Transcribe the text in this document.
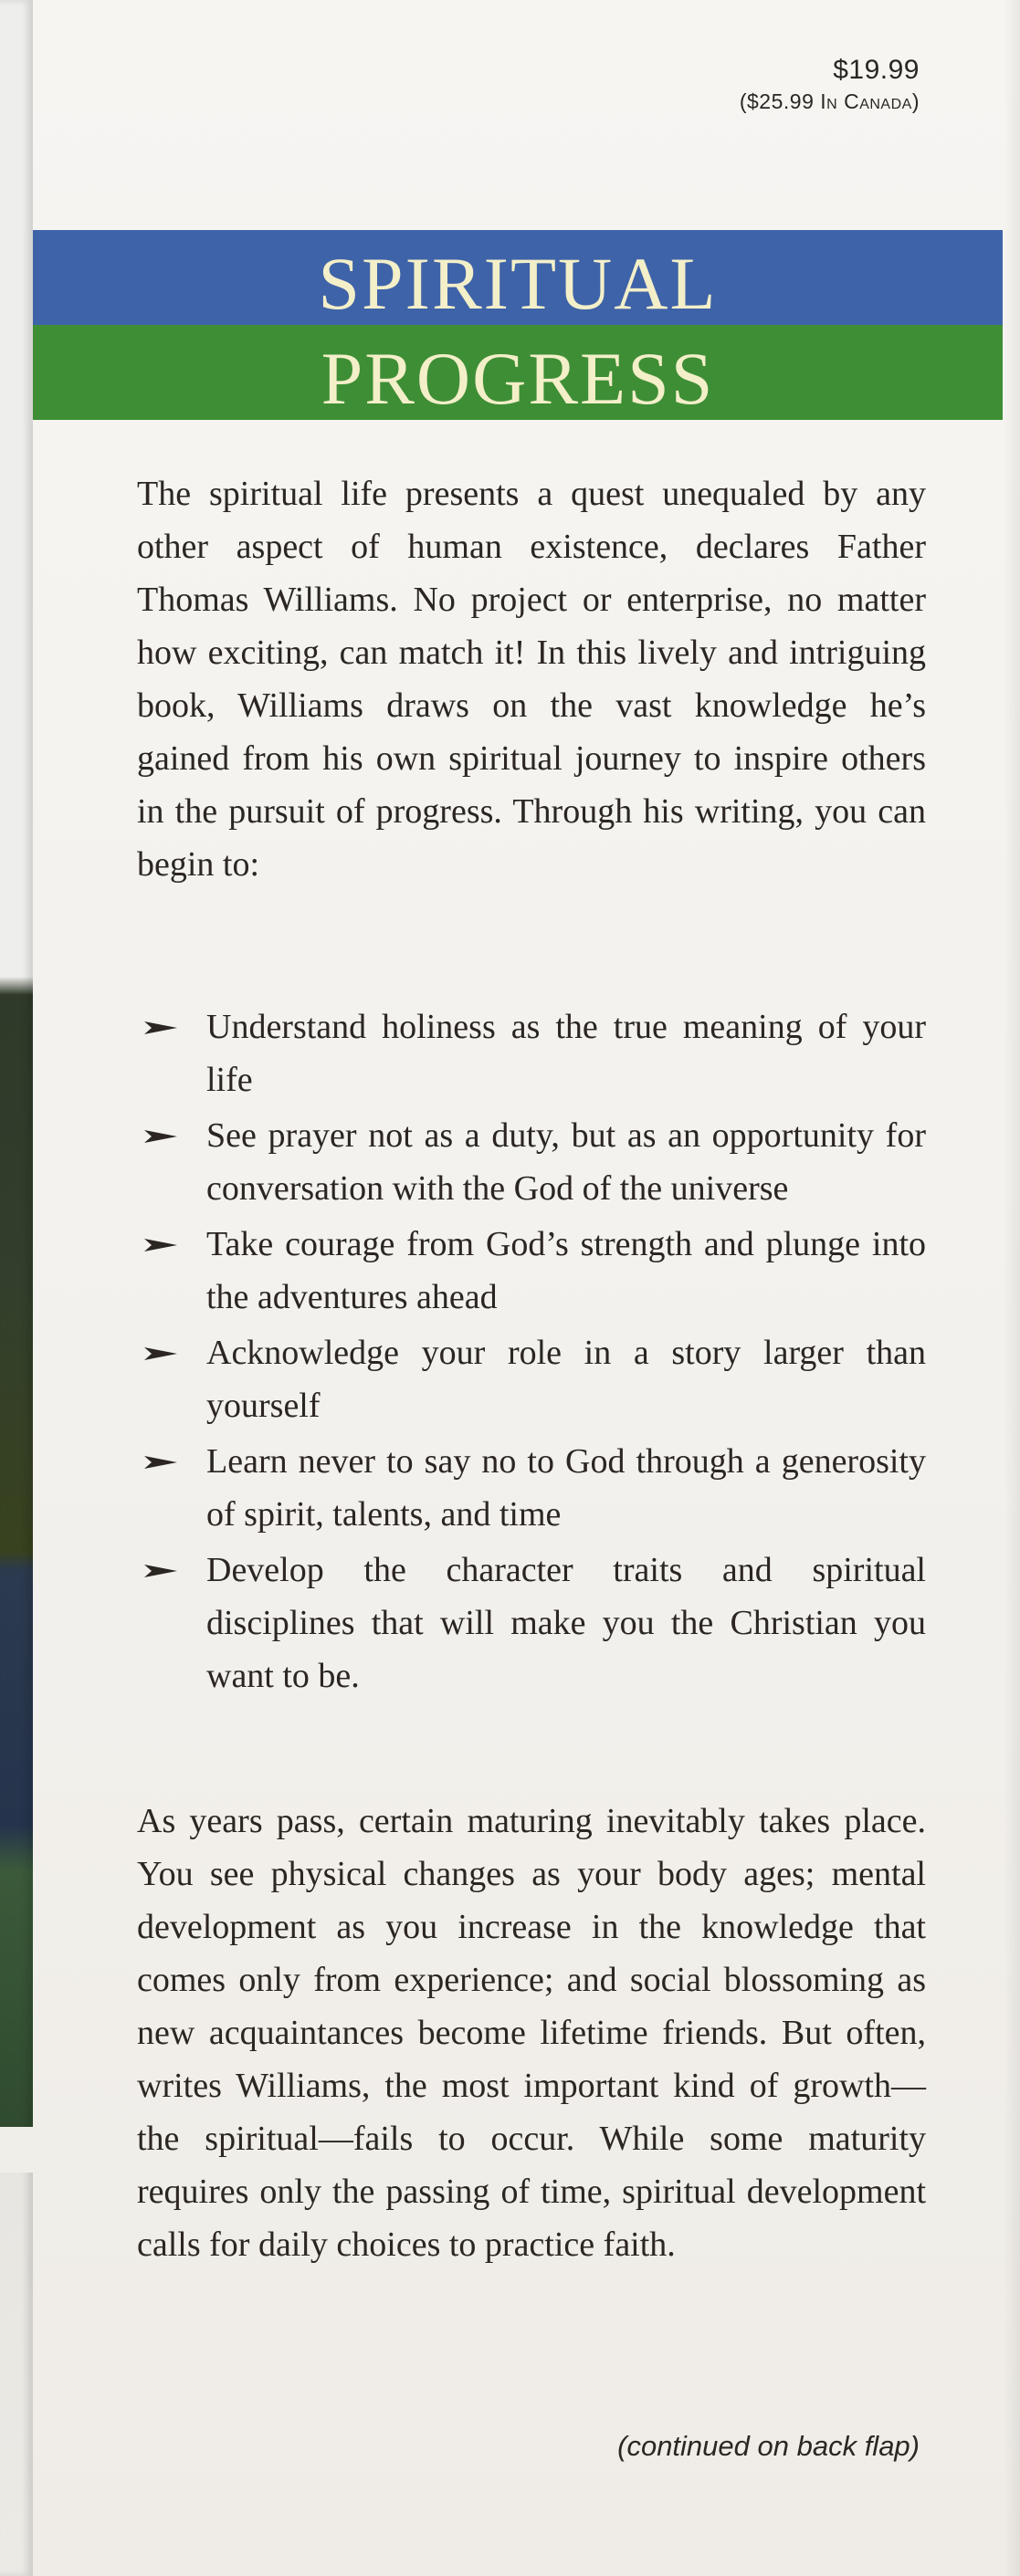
$19.99
($25.99 In Canada)
SPIRITUAL
PROGRESS
The spiritual life presents a quest unequaled by any other aspect of human existence, declares Father Thomas Williams. No project or enterprise, no matter how exciting, can match it! In this lively and intriguing book, Williams draws on the vast knowledge he’s gained from his own spiritual journey to inspire others in the pursuit of progress. Through his writing, you can begin to:
Understand holiness as the true meaning of your life
See prayer not as a duty, but as an opportunity for conversation with the God of the universe
Take courage from God’s strength and plunge into the adventures ahead
Acknowledge your role in a story larger than yourself
Learn never to say no to God through a generosity of spirit, talents, and time
Develop the character traits and spiritual disciplines that will make you the Christian you want to be.
As years pass, certain maturing inevitably takes place. You see physical changes as your body ages; mental development as you increase in the knowledge that comes only from experience; and social blossoming as new acquaintances become lifetime friends. But often, writes Williams, the most important kind of growth—the spiritual—fails to occur. While some maturity requires only the passing of time, spiritual development calls for daily choices to practice faith.
(continued on back flap)
